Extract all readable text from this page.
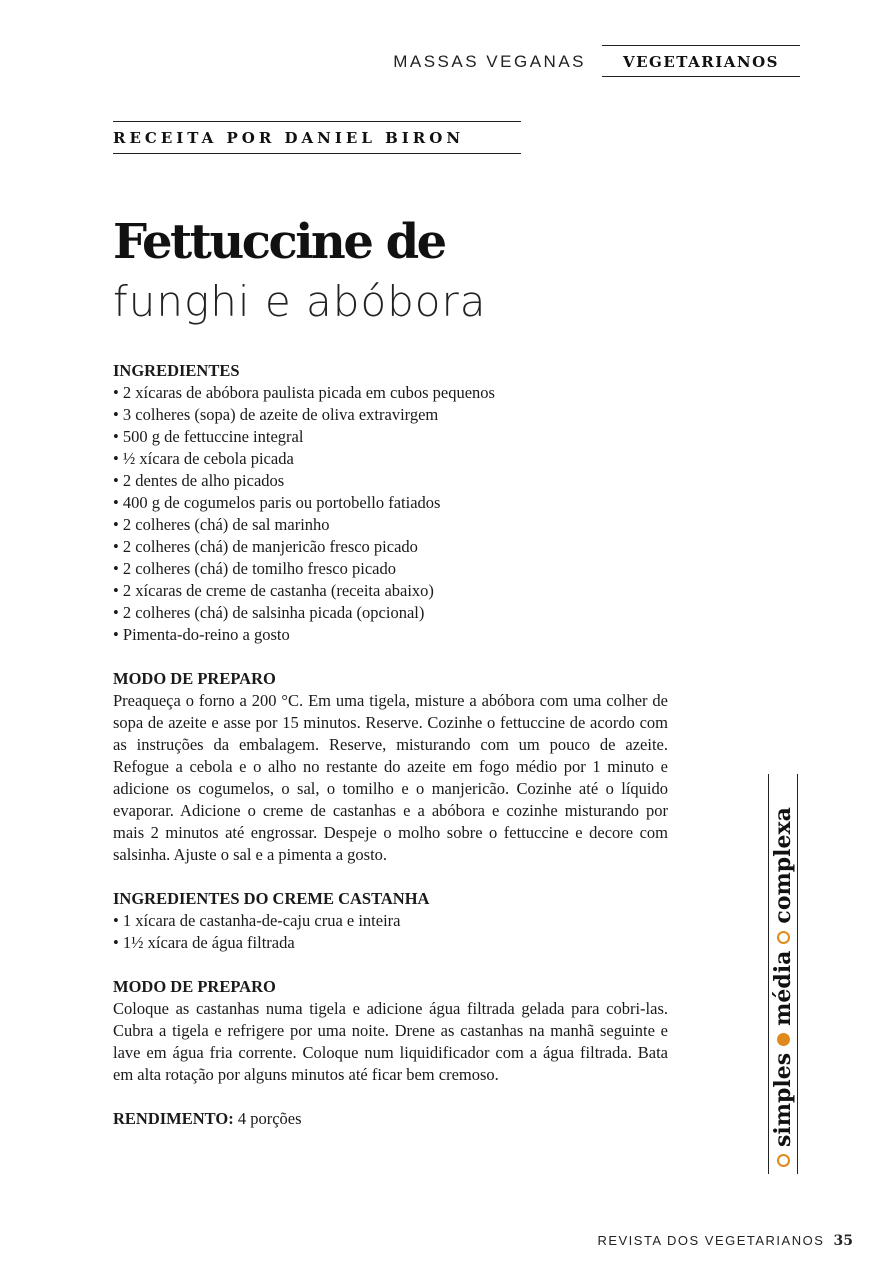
MASSAS VEGANAS	VEGETARIANOS
RECEITA POR DANIEL BIRON
Fettuccine de
funghi e abóbora
INGREDIENTES
• 2 xícaras de abóbora paulista picada em cubos pequenos
• 3 colheres (sopa) de azeite de oliva extravirgem
• 500 g de fettuccine integral
• ½ xícara de cebola picada
• 2 dentes de alho picados
• 400 g de cogumelos paris ou portobello fatiados
• 2 colheres (chá) de sal marinho
• 2 colheres (chá) de manjericão fresco picado
• 2 colheres (chá) de tomilho fresco picado
• 2 xícaras de creme de castanha (receita abaixo)
• 2 colheres (chá) de salsinha picada (opcional)
• Pimenta-do-reino a gosto
MODO DE PREPARO

Preaqueça o forno a 200 °C. Em uma tigela, misture a abóbora com uma colher de sopa de azeite e asse por 15 minutos. Reserve. Cozinhe o fettuccine de acordo com as instruções da embalagem. Reserve, misturando com um pouco de azeite. Refogue a cebola e o alho no restante do azeite em fogo médio por 1 minuto e adicione os cogumelos, o sal, o tomilho e o manjericão. Cozinhe até o líquido evaporar. Adicione o creme de castanhas e a abóbora e cozinhe misturando por mais 2 minutos até engrossar. Despeje o molho sobre o fettuccine e decore com salsinha. Ajuste o sal e a pimenta a gosto.

INGREDIENTES DO CREME CASTANHA
• 1 xícara de castanha-de-caju crua e inteira
• 1½ xícara de água filtrada
MODO DE PREPARO

Coloque as castanhas numa tigela e adicione água filtrada gelada para cobri-las. Cubra a tigela e refrigere por uma noite. Drene as castanhas na manhã seguinte e lave em água fria corrente. Coloque num liquidificador com a água filtrada. Bata em alta rotação por alguns minutos até ficar bem cremoso.

RENDIMENTO: 4 porções	simples
média
complexa
REVISTA DOS VEGETARIANOS 35
